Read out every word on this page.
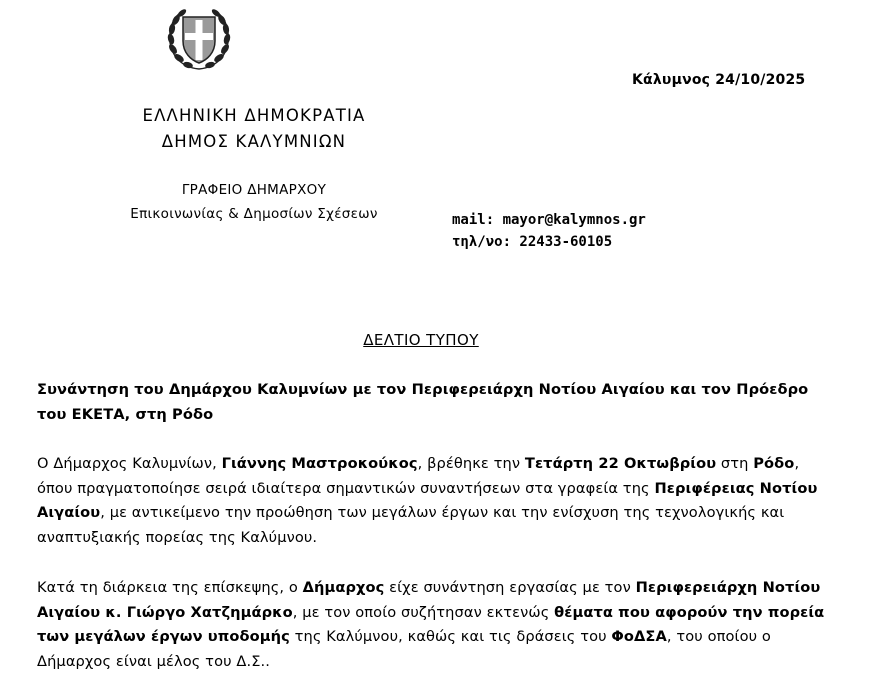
Κάλυμνος 24/10/2025
ΕΛΛΗΝΙΚΗ ΔΗΜΟΚΡΑΤΙΑ
ΔΗΜΟΣ ΚΑΛΥΜΝΙΩΝ
ΓΡΑΦΕΙΟ ΔΗΜΑΡΧΟΥ
Επικοινωνίας & Δημοσίων Σχέσεων	mail: mayor@kalymnos.gr
τηλ/νο: 22433-60105
ΔΕΛΤΙΟ ΤΥΠΟΥ
Συνάντηση του Δημάρχου Καλυμνίων με τον Περιφερειάρχη Νοτίου Αιγαίου και τον Πρόεδρο του ΕΚΕΤΑ, στη Ρόδο
Ο Δήμαρχος Καλυμνίων, Γιάννης Μαστροκούκος, βρέθηκε την Τετάρτη 22 Οκτωβρίου στη Ρόδο, όπου πραγματοποίησε σειρά ιδιαίτερα σημαντικών συναντήσεων στα γραφεία της Περιφέρειας Νοτίου Αιγαίου, με αντικείμενο την προώθηση των μεγάλων έργων και την ενίσχυση της τεχνολογικής και αναπτυξιακής πορείας της Καλύμνου.
Κατά τη διάρκεια της επίσκεψης, ο Δήμαρχος είχε συνάντηση εργασίας με τον Περιφερειάρχη Νοτίου Αιγαίου κ. Γιώργο Χατζημάρκο, με τον οποίο συζήτησαν εκτενώς θέματα που αφορούν την πορεία των μεγάλων έργων υποδομής της Καλύμνου, καθώς και τις δράσεις του ΦοΔΣΑ, του οποίου ο Δήμαρχος είναι μέλος του Δ.Σ..
